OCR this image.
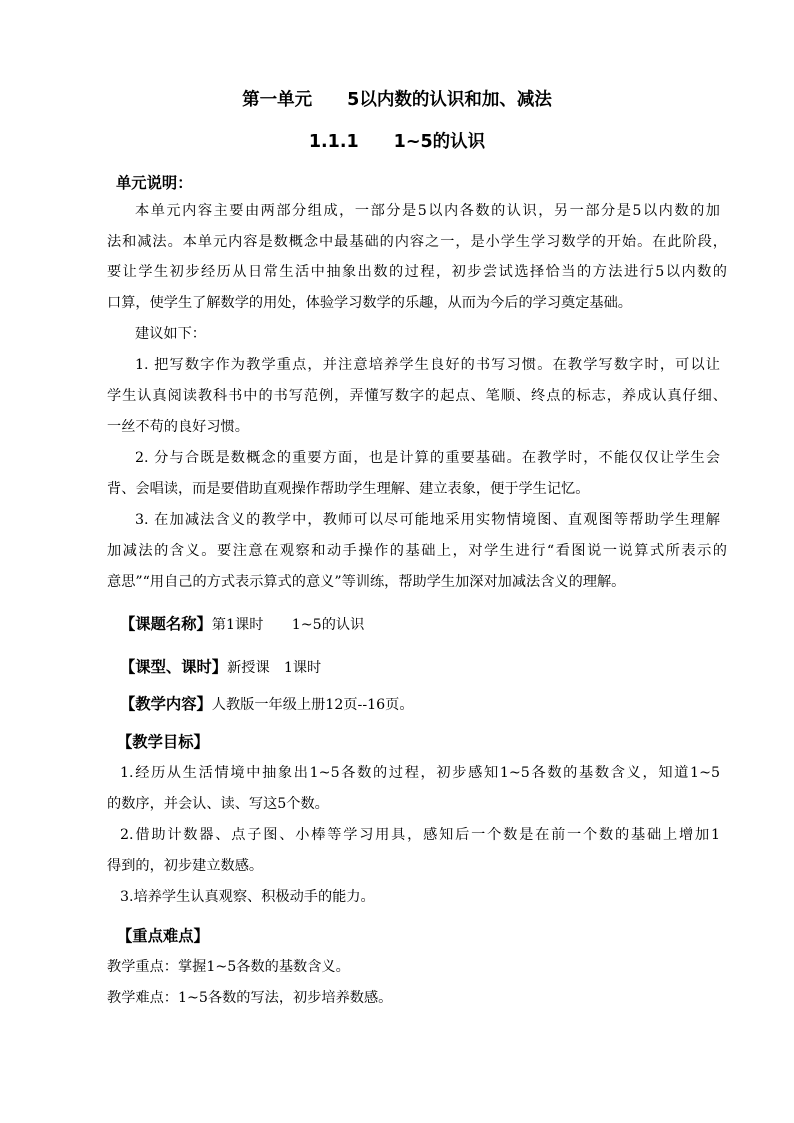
第一单元　　5以内数的认识和加、减法
1.1.1　　1~5的认识
单元说明：
本单元内容主要由两部分组成，一部分是5以内各数的认识，另一部分是5以内数的加
法和减法。本单元内容是数概念中最基础的内容之一，是小学生学习数学的开始。在此阶段，
要让学生初步经历从日常生活中抽象出数的过程，初步尝试选择恰当的方法进行5以内数的
口算，使学生了解数学的用处，体验学习数学的乐趣，从而为今后的学习奠定基础。
建议如下：
1. 把写数字作为教学重点，并注意培养学生良好的书写习惯。在教学写数字时，可以让
学生认真阅读教科书中的书写范例，弄懂写数字的起点、笔顺、终点的标志，养成认真仔细、
一丝不苟的良好习惯。
2. 分与合既是数概念的重要方面，也是计算的重要基础。在教学时，不能仅仅让学生会
背、会唱读，而是要借助直观操作帮助学生理解、建立表象，便于学生记忆。
3. 在加减法含义的教学中，教师可以尽可能地采用实物情境图、直观图等帮助学生理解
加减法的含义。要注意在观察和动手操作的基础上，对学生进行“看图说一说算式所表示的
意思”“用自己的方式表示算式的意义”等训练，帮助学生加深对加减法含义的理解。
【课题名称】第1课时　　1~5的认识
【课型、课时】新授课　1课时
【教学内容】人教版一年级上册12页--16页。
【教学目标】
1.经历从生活情境中抽象出1~5各数的过程，初步感知1~5各数的基数含义，知道1~5
的数序，并会认、读、写这5个数。
2.借助计数器、点子图、小棒等学习用具，感知后一个数是在前一个数的基础上增加1
得到的，初步建立数感。
3.培养学生认真观察、积极动手的能力。
【重点难点】
教学重点：掌握1~5各数的基数含义。
教学难点：1~5各数的写法，初步培养数感。
